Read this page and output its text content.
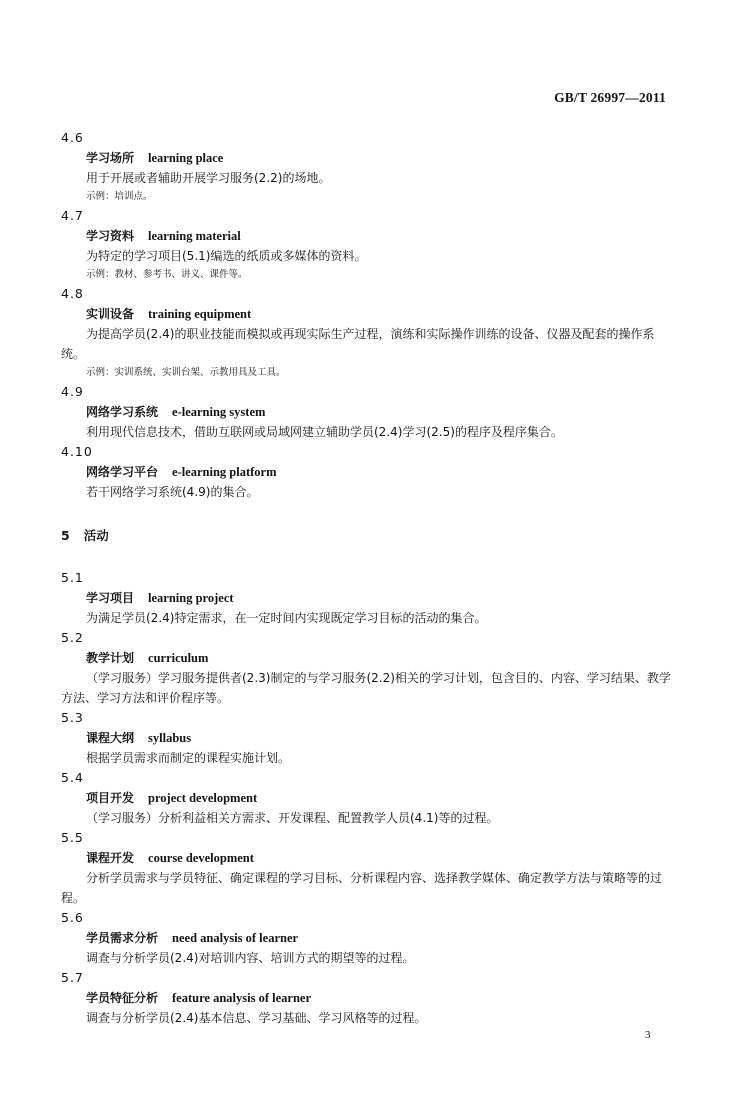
GB/T 26997—2011
4.6
学习场所 learning place
用于开展或者辅助开展学习服务(2.2)的场地。
示例：培训点。
4.7
学习资料 learning material
为特定的学习项目(5.1)编选的纸质或多媒体的资料。
示例：教材、参考书、讲义、课件等。
4.8
实训设备 training equipment
为提高学员(2.4)的职业技能而模拟或再现实际生产过程，演练和实际操作训练的设备、仪器及配套的操作系统。
示例：实训系统、实训台架、示教用具及工具。
4.9
网络学习系统 e-learning system
利用现代信息技术，借助互联网或局域网建立辅助学员(2.4)学习(2.5)的程序及程序集合。
4.10
网络学习平台 e-learning platform
若干网络学习系统(4.9)的集合。
5 活动
5.1
学习项目 learning project
为满足学员(2.4)特定需求，在一定时间内实现既定学习目标的活动的集合。
5.2
教学计划 curriculum
（学习服务）学习服务提供者(2.3)制定的与学习服务(2.2)相关的学习计划，包含目的、内容、学习结果、教学方法、学习方法和评价程序等。
5.3
课程大纲 syllabus
根据学员需求而制定的课程实施计划。
5.4
项目开发 project development
（学习服务）分析利益相关方需求、开发课程、配置教学人员(4.1)等的过程。
5.5
课程开发 course development
分析学员需求与学员特征、确定课程的学习目标、分析课程内容、选择教学媒体、确定教学方法与策略等的过程。
5.6
学员需求分析 need analysis of learner
调查与分析学员(2.4)对培训内容、培训方式的期望等的过程。
5.7
学员特征分析 feature analysis of learner
调查与分析学员(2.4)基本信息、学习基础、学习风格等的过程。
3
